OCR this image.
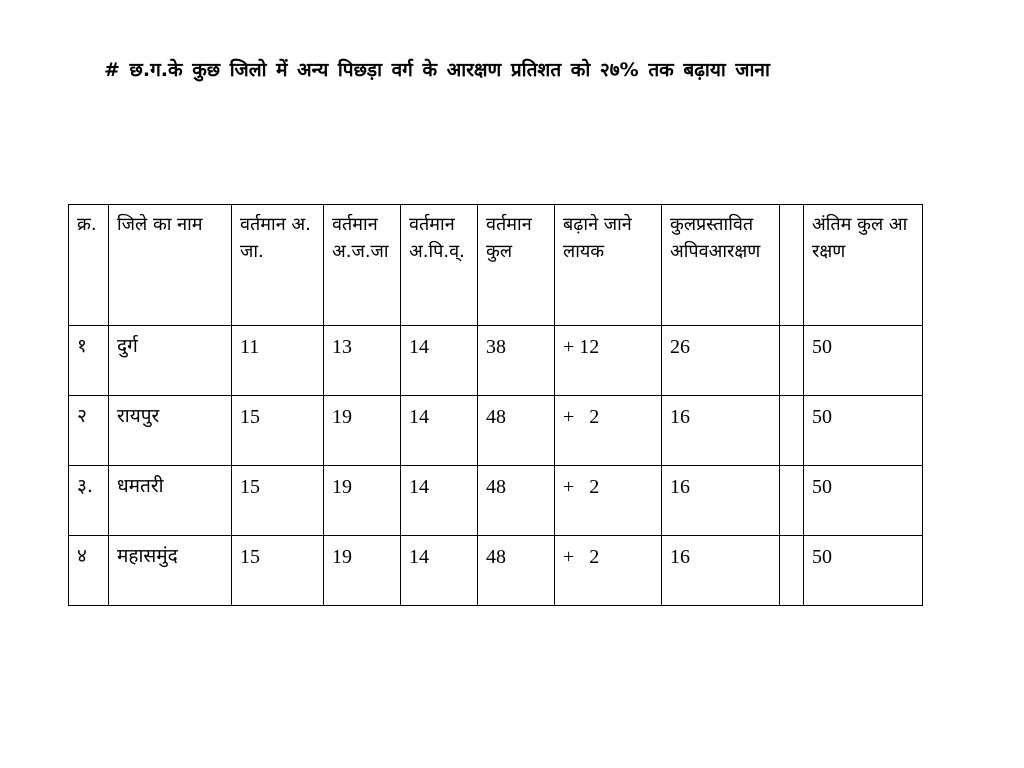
# छ.ग.के कुछ जिलो में अन्य पिछड़ा वर्ग के आरक्षण प्रतिशत को २७% तक बढ़ाया जाना
क्र.	जिले का नाम	वर्तमान अ.जा.	वर्तमान अ.ज.जा	वर्तमान अ.पि.व्.	वर्तमान कुल	बढ़ाने जाने लायक	कुलप्रस्तावित अपिवआरक्षण		अंतिम कुल आरक्षण
१	दुर्ग	11	13	14	38	+ 12	26		50
२	रायपुर	15	19	14	48	+   2	16		50
३.	धमतरी	15	19	14	48	+   2	16		50
४	महासमुंद	15	19	14	48	+   2	16		50
